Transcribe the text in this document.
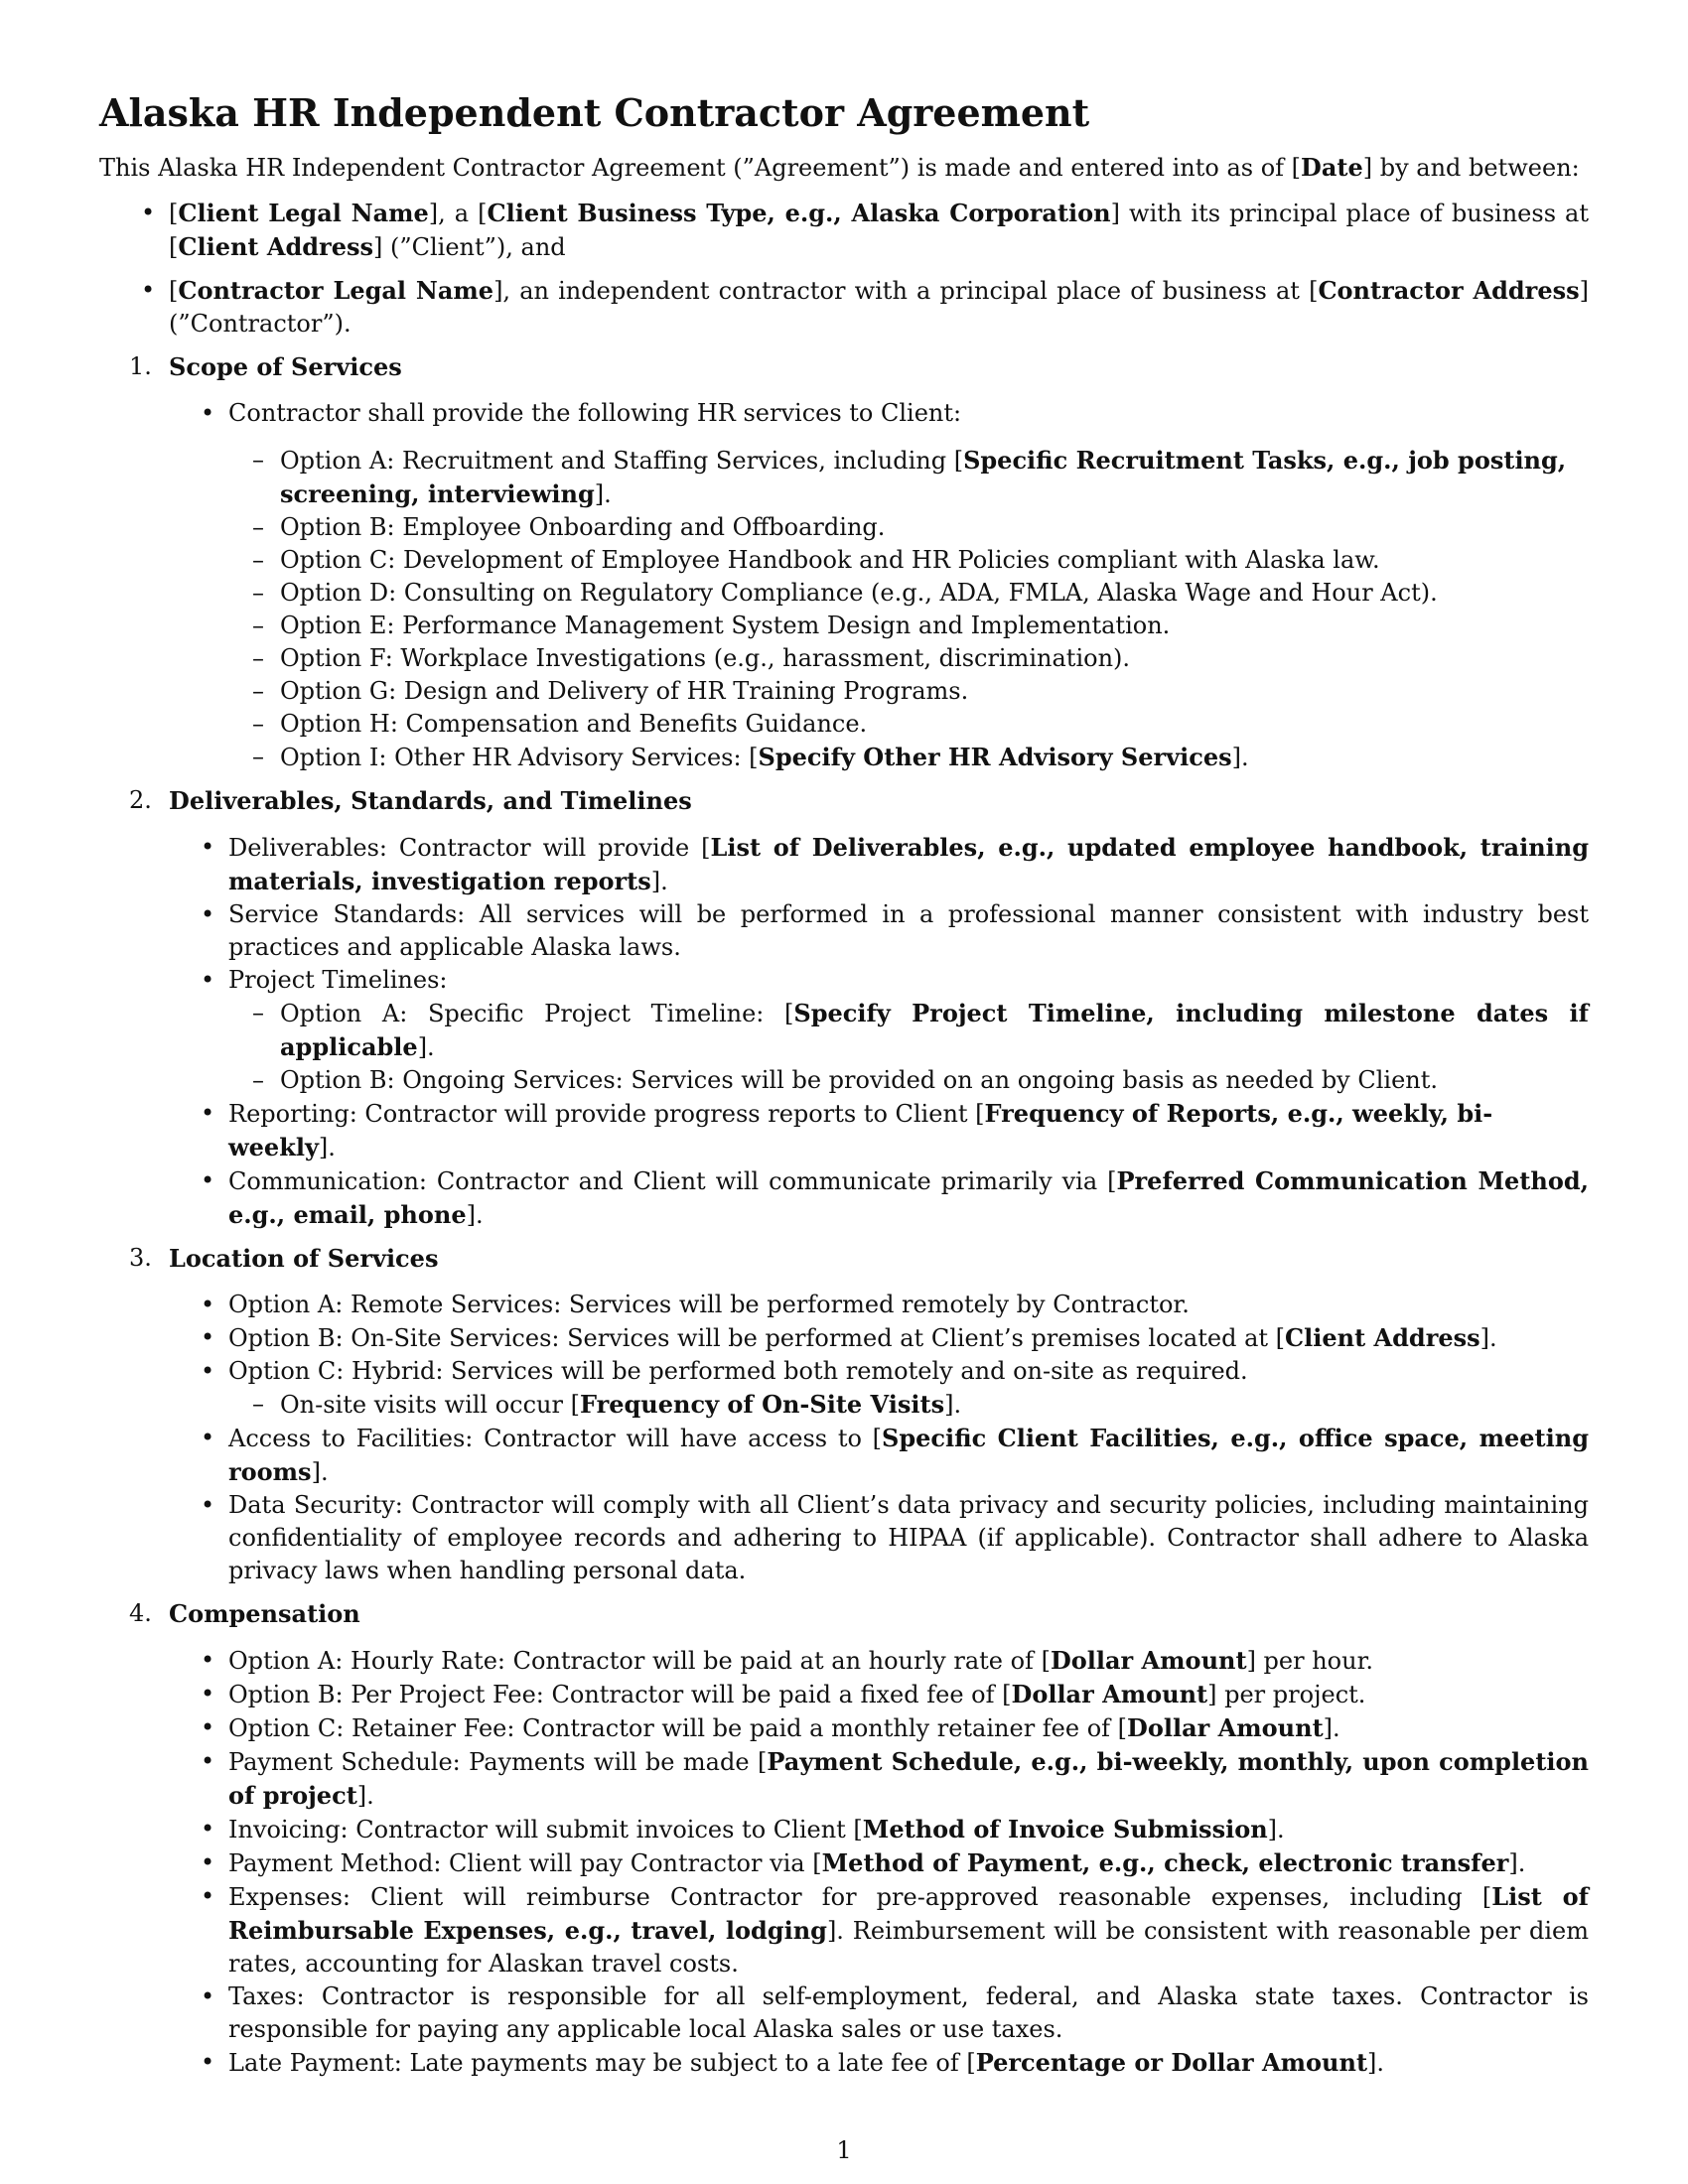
Alaska HR Independent Contractor Agreement

This Alaska HR Independent Contractor Agreement (”Agreement”) is made and entered into as of [Date] by and between:

• [Client Legal Name], a [Client Business Type, e.g., Alaska Corporation] with its principal place of business at [Client Address] (”Client”), and
• [Contractor Legal Name], an independent contractor with a principal place of business at [Contractor Address] (”Contractor”).
1. Scope of Services
• Contractor shall provide the following HR services to Client:
– Option A: Recruitment and Staffing Services, including [Specific Recruitment Tasks, e.g., job posting, screening, interviewing].
– Option B: Employee Onboarding and Offboarding.
– Option C: Development of Employee Handbook and HR Policies compliant with Alaska law.
– Option D: Consulting on Regulatory Compliance (e.g., ADA, FMLA, Alaska Wage and Hour Act).
– Option E: Performance Management System Design and Implementation.
– Option F: Workplace Investigations (e.g., harassment, discrimination).
– Option G: Design and Delivery of HR Training Programs.
– Option H: Compensation and Benefits Guidance.
– Option I: Other HR Advisory Services: [Specify Other HR Advisory Services].
2. Deliverables, Standards, and Timelines
• Deliverables: Contractor will provide [List of Deliverables, e.g., updated employee handbook, training materials, investigation reports].
• Service Standards: All services will be performed in a professional manner consistent with industry best practices and applicable Alaska laws.
• Project Timelines:
– Option A: Specific Project Timeline: [Specify Project Timeline, including milestone dates if applicable].
– Option B: Ongoing Services: Services will be provided on an ongoing basis as needed by Client.
• Reporting: Contractor will provide progress reports to Client [Frequency of Reports, e.g., weekly, bi-weekly].
• Communication: Contractor and Client will communicate primarily via [Preferred Communication Method, e.g., email, phone].
3. Location of Services
• Option A: Remote Services: Services will be performed remotely by Contractor.
• Option B: On-Site Services: Services will be performed at Client’s premises located at [Client Address].
• Option C: Hybrid: Services will be performed both remotely and on-site as required.
– On-site visits will occur [Frequency of On-Site Visits].
• Access to Facilities: Contractor will have access to [Specific Client Facilities, e.g., office space, meeting rooms].
• Data Security: Contractor will comply with all Client’s data privacy and security policies, including maintaining confidentiality of employee records and adhering to HIPAA (if applicable). Contractor shall adhere to Alaska privacy laws when handling personal data.
4. Compensation
• Option A: Hourly Rate: Contractor will be paid at an hourly rate of [Dollar Amount] per hour.
• Option B: Per Project Fee: Contractor will be paid a fixed fee of [Dollar Amount] per project.
• Option C: Retainer Fee: Contractor will be paid a monthly retainer fee of [Dollar Amount].
• Payment Schedule: Payments will be made [Payment Schedule, e.g., bi-weekly, monthly, upon completion of project].
• Invoicing: Contractor will submit invoices to Client [Method of Invoice Submission].
• Payment Method: Client will pay Contractor via [Method of Payment, e.g., check, electronic transfer].
• Expenses: Client will reimburse Contractor for pre-approved reasonable expenses, including [List of Reimbursable Expenses, e.g., travel, lodging]. Reimbursement will be consistent with reasonable per diem rates, accounting for Alaskan travel costs.
• Taxes: Contractor is responsible for all self-employment, federal, and Alaska state taxes. Contractor is responsible for paying any applicable local Alaska sales or use taxes.
• Late Payment: Late payments may be subject to a late fee of [Percentage or Dollar Amount].
1
